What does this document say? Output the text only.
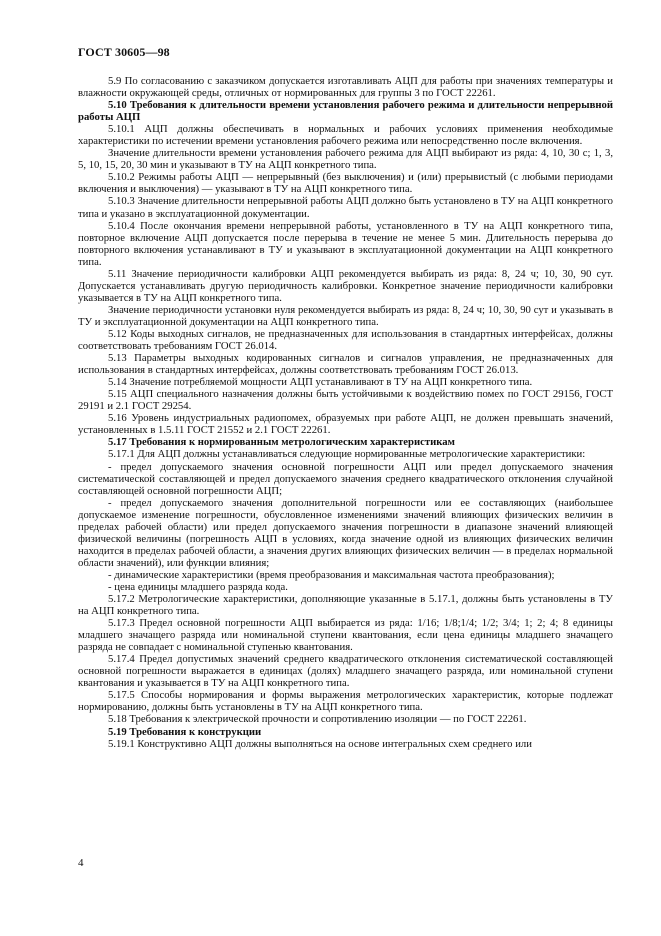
ГОСТ 30605—98

5.9 По согласованию с заказчиком допускается изготавливать АЦП для работы при значениях температуры и влажности окружающей среды, отличных от нормированных для группы 3 по ГОСТ 22261.

5.10 Требования к длительности времени установления рабочего режима и длительности непрерывной работы АЦП

5.10.1 АЦП должны обеспечивать в нормальных и рабочих условиях применения необходимые характеристики по истечении времени установления рабочего режима или непосредственно после включения.

Значение длительности времени установления рабочего режима для АЦП выбирают из ряда: 4, 10, 30 с; 1, 3, 5, 10, 15, 20, 30 мин и указывают в ТУ на АЦП конкретного типа.

5.10.2 Режимы работы АЦП — непрерывный (без выключения) и (или) прерывистый (с любыми периодами включения и выключения) — указывают в ТУ на АЦП конкретного типа.

5.10.3 Значение длительности непрерывной работы АЦП должно быть установлено в ТУ на АЦП конкретного типа и указано в эксплуатационной документации.

5.10.4 После окончания времени непрерывной работы, установленного в ТУ на АЦП конкретного типа, повторное включение АЦП допускается после перерыва в течение не менее 5 мин. Длительность перерыва до повторного включения устанавливают в ТУ и указывают в эксплуатационной документации на АЦП конкретного типа.

5.11 Значение периодичности калибровки АЦП рекомендуется выбирать из ряда: 8, 24 ч; 10, 30, 90 сут. Допускается устанавливать другую периодичность калибровки. Конкретное значение периодичности калибровки указывается в ТУ на АЦП конкретного типа.

Значение периодичности установки нуля рекомендуется выбирать из ряда: 8, 24 ч; 10, 30, 90 сут и указывать в ТУ и эксплуатационной документации на АЦП конкретного типа.

5.12 Коды выходных сигналов, не предназначенных для использования в стандартных интерфейсах, должны соответствовать требованиям ГОСТ 26.014.

5.13 Параметры выходных кодированных сигналов и сигналов управления, не предназначенных для использования в стандартных интерфейсах, должны соответствовать требованиям ГОСТ 26.013.

5.14 Значение потребляемой мощности АЦП устанавливают в ТУ на АЦП конкретного типа.

5.15 АЦП специального назначения должны быть устойчивыми к воздействию помех по ГОСТ 29156, ГОСТ 29191 и 2.1 ГОСТ 29254.

5.16 Уровень индустриальных радиопомех, образуемых при работе АЦП, не должен превышать значений, установленных в 1.5.11 ГОСТ 21552 и 2.1 ГОСТ 22261.

5.17 Требования к нормированным метрологическим характеристикам

5.17.1 Для АЦП должны устанавливаться следующие нормированные метрологические характеристики:

- предел допускаемого значения основной погрешности АЦП или предел допускаемого значения систематической составляющей и предел допускаемого значения среднего квадратического отклонения случайной составляющей основной погрешности АЦП;

- предел допускаемого значения дополнительной погрешности или ее составляющих (наибольшее допускаемое изменение погрешности, обусловленное изменениями значений влияющих физических величин в пределах рабочей области) или предел допускаемого значения погрешности в диапазоне значений влияющей физической величины (погрешность АЦП в условиях, когда значение одной из влияющих физических величин находится в пределах рабочей области, а значения других влияющих физических величин — в пределах нормальной области значений), или функции влияния;

- динамические характеристики (время преобразования и максимальная частота преобразования);

- цена единицы младшего разряда кода.

5.17.2 Метрологические характеристики, дополняющие указанные в 5.17.1, должны быть установлены в ТУ на АЦП конкретного типа.

5.17.3 Предел основной погрешности АЦП выбирается из ряда: 1/16; 1/8;1/4; 1/2; 3/4; 1; 2; 4; 8 единицы младшего значащего разряда или номинальной ступени квантования, если цена единицы младшего значащего разряда не совпадает с номинальной ступенью квантования.

5.17.4 Предел допустимых значений среднего квадратического отклонения систематической составляющей основной погрешности выражается в единицах (долях) младшего значащего разряда, или номинальной ступени квантования и указывается в ТУ на АЦП конкретного типа.

5.17.5 Способы нормирования и формы выражения метрологических характеристик, которые подлежат нормированию, должны быть установлены в ТУ на АЦП конкретного типа.

5.18 Требования к электрической прочности и сопротивлению изоляции — по ГОСТ 22261.

5.19 Требования к конструкции

5.19.1 Конструктивно АЦП должны выполняться на основе интегральных схем среднего или

4
